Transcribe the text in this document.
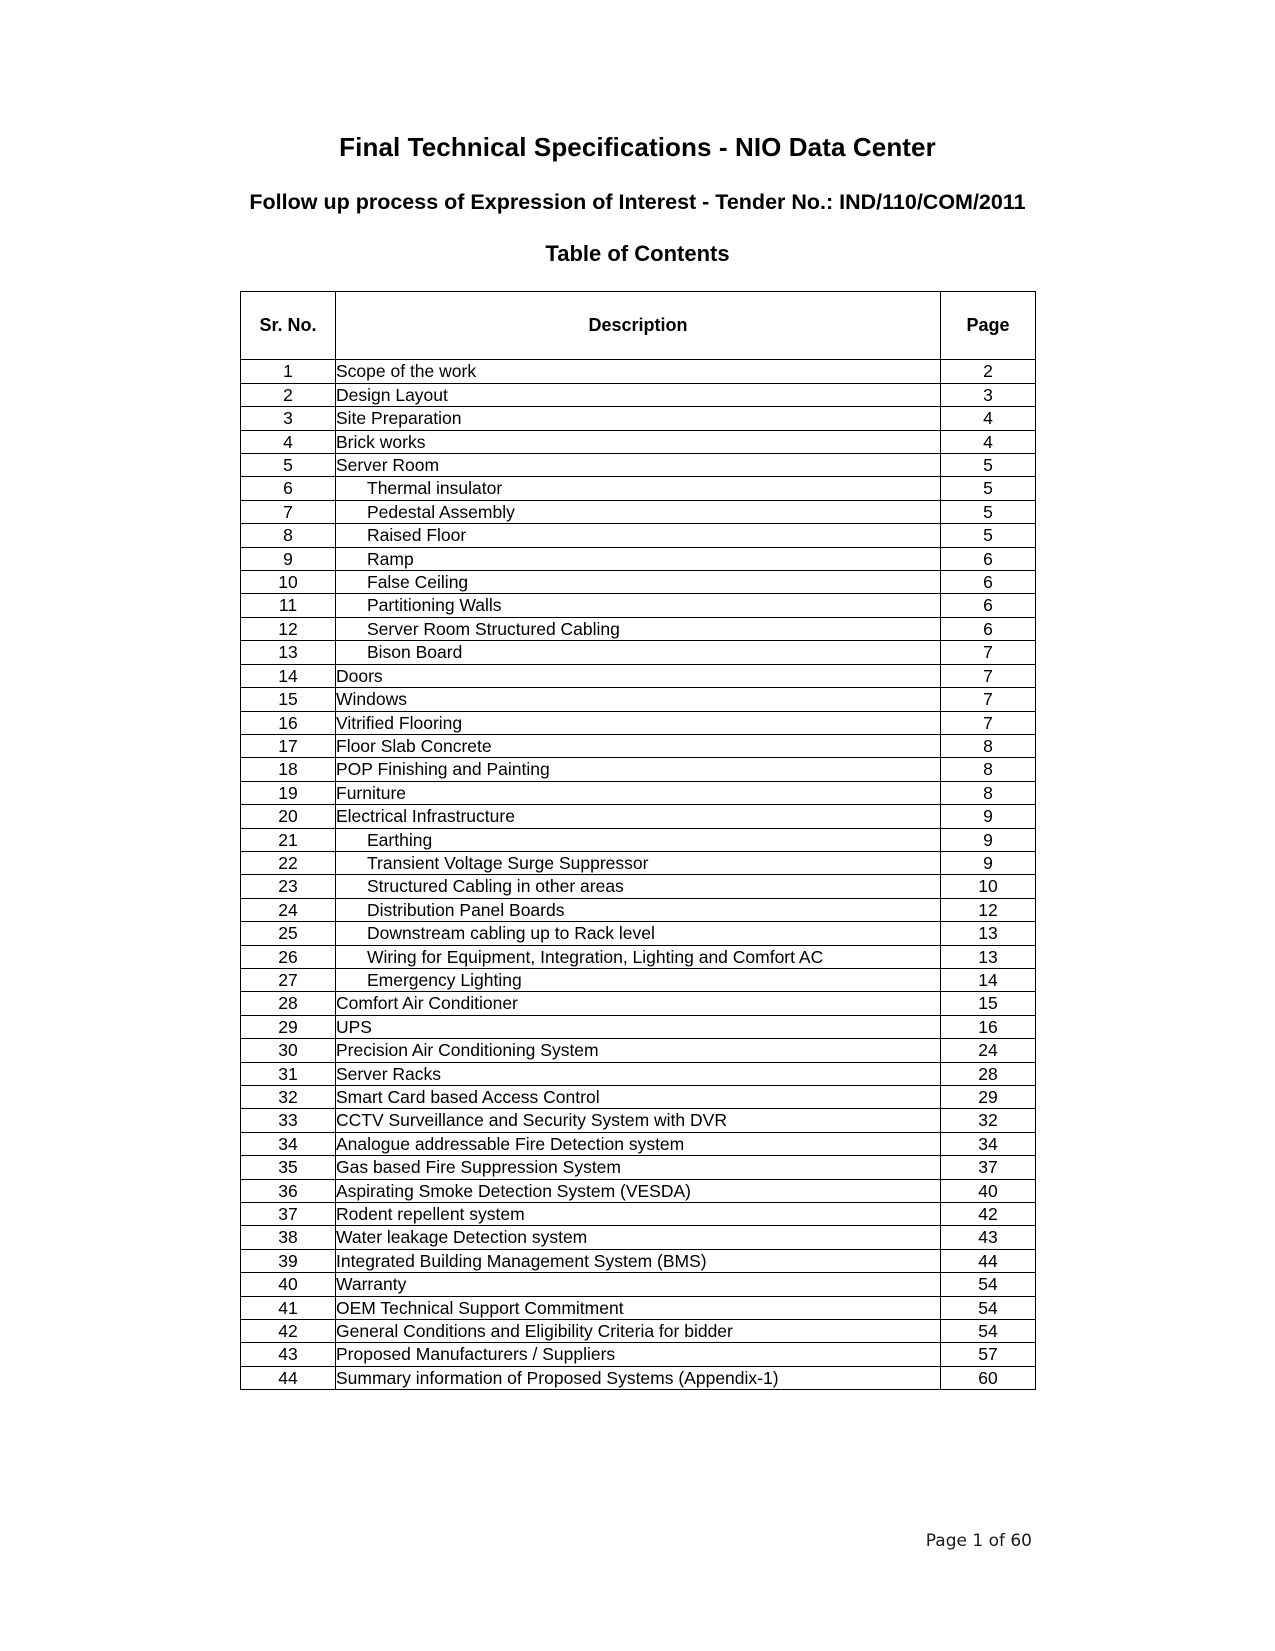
Final Technical Specifications - NIO Data Center
Follow up process of Expression of Interest - Tender No.: IND/110/COM/2011
Table of Contents
Sr. No.	Description	Page
1	Scope of the work	2
2	Design Layout	3
3	Site Preparation	4
4	Brick works	4
5	Server Room	5
6	Thermal insulator	5
7	Pedestal Assembly	5
8	Raised Floor	5
9	Ramp	6
10	False Ceiling	6
11	Partitioning Walls	6
12	Server Room Structured Cabling	6
13	Bison Board	7
14	Doors	7
15	Windows	7
16	Vitrified Flooring	7
17	Floor Slab Concrete	8
18	POP Finishing and Painting	8
19	Furniture	8
20	Electrical Infrastructure	9
21	Earthing	9
22	Transient Voltage Surge Suppressor	9
23	Structured Cabling in other areas	10
24	Distribution Panel Boards	12
25	Downstream cabling up to Rack level	13
26	Wiring for Equipment, Integration, Lighting and Comfort AC	13
27	Emergency Lighting	14
28	Comfort Air Conditioner	15
29	UPS	16
30	Precision Air Conditioning System	24
31	Server Racks	28
32	Smart Card based Access Control	29
33	CCTV Surveillance and Security System with DVR	32
34	Analogue addressable Fire Detection system	34
35	Gas based Fire Suppression System	37
36	Aspirating Smoke Detection System (VESDA)	40
37	Rodent repellent system	42
38	Water leakage Detection system	43
39	Integrated Building Management System (BMS)	44
40	Warranty	54
41	OEM Technical Support Commitment	54
42	General Conditions and Eligibility Criteria for bidder	54
43	Proposed Manufacturers / Suppliers	57
44	Summary information of Proposed Systems (Appendix-1)	60
Page 1 of 60
